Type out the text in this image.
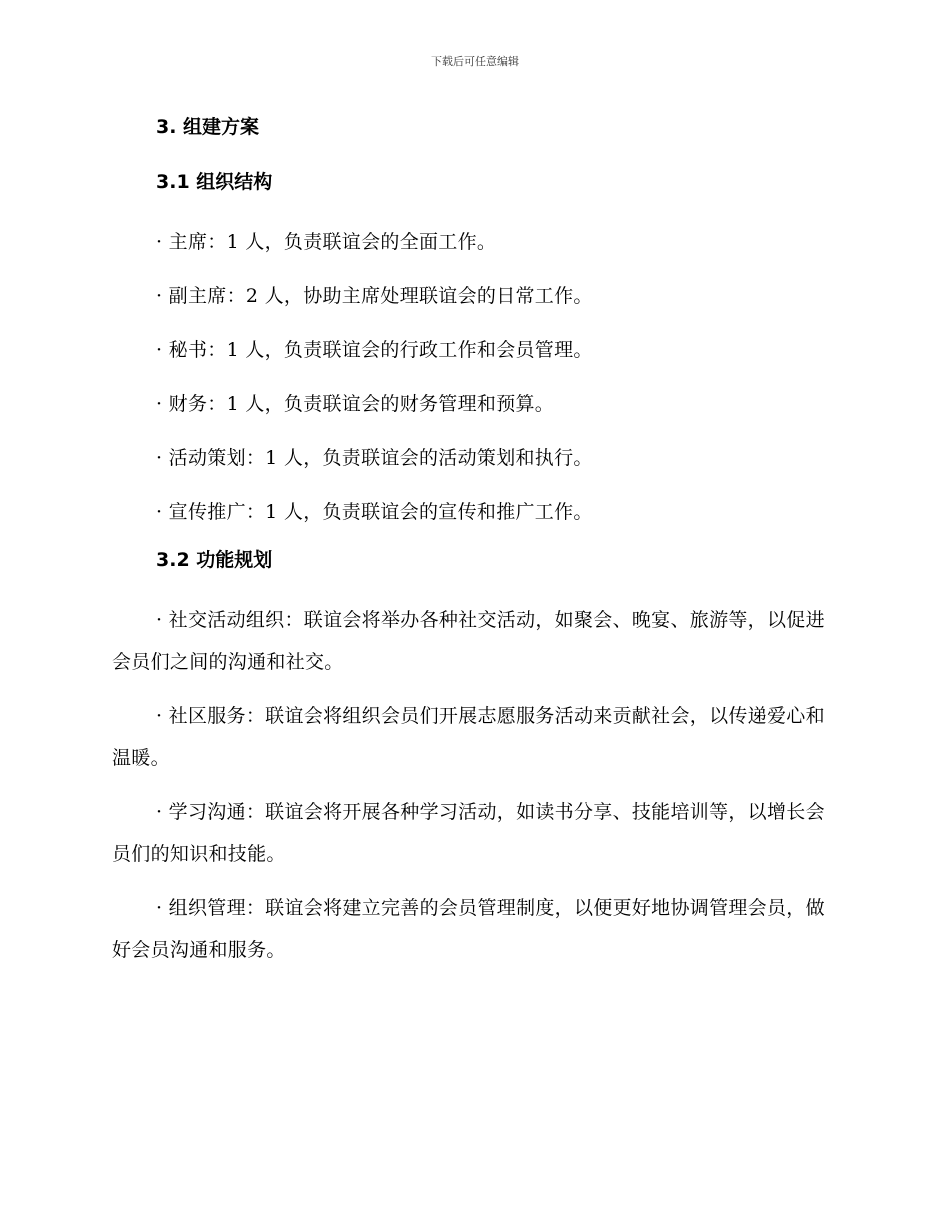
下载后可任意编辑
3. 组建方案
3.1 组织结构

· 主席：1 人，负责联谊会的全面工作。

· 副主席：2 人，协助主席处理联谊会的日常工作。

· 秘书：1 人，负责联谊会的行政工作和会员管理。

· 财务：1 人，负责联谊会的财务管理和预算。

· 活动策划：1 人，负责联谊会的活动策划和执行。

· 宣传推广：1 人，负责联谊会的宣传和推广工作。

3.2 功能规划

· 社交活动组织：联谊会将举办各种社交活动，如聚会、晚宴、旅游等，以促进会员们之间的沟通和社交。

· 社区服务：联谊会将组织会员们开展志愿服务活动来贡献社会，以传递爱心和温暖。

· 学习沟通：联谊会将开展各种学习活动，如读书分享、技能培训等，以增长会员们的知识和技能。

· 组织管理：联谊会将建立完善的会员管理制度，以便更好地协调管理会员，做好会员沟通和服务。
